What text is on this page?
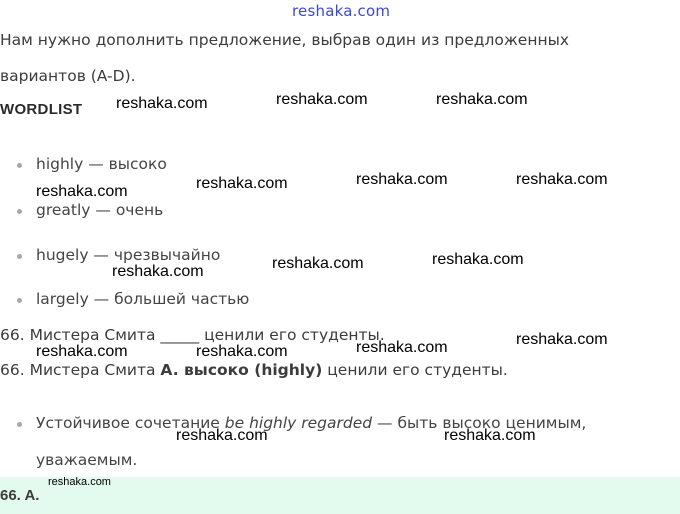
reshaka.com
Нам нужно дополнить предложение, выбрав один из предложенных
вариантов (A-D).
WORDLIST
highly — высоко
greatly — очень
hugely — чрезвычайно
largely — большей частью
66. Мистера Смита _____ ценили его студенты.
66. Мистера Смита A. высоко (highly) ценили его студенты.
Устойчивое сочетание be highly regarded — быть высоко ценимым,
уважаемым.
66. A.
reshaka.com	reshaka.com	reshaka.com
reshaka.com	reshaka.com	reshaka.com	reshaka.com
reshaka.com	reshaka.com	reshaka.com
reshaka.com	reshaka.com	reshaka.com	reshaka.com
reshaka.com	reshaka.com
reshaka.com
